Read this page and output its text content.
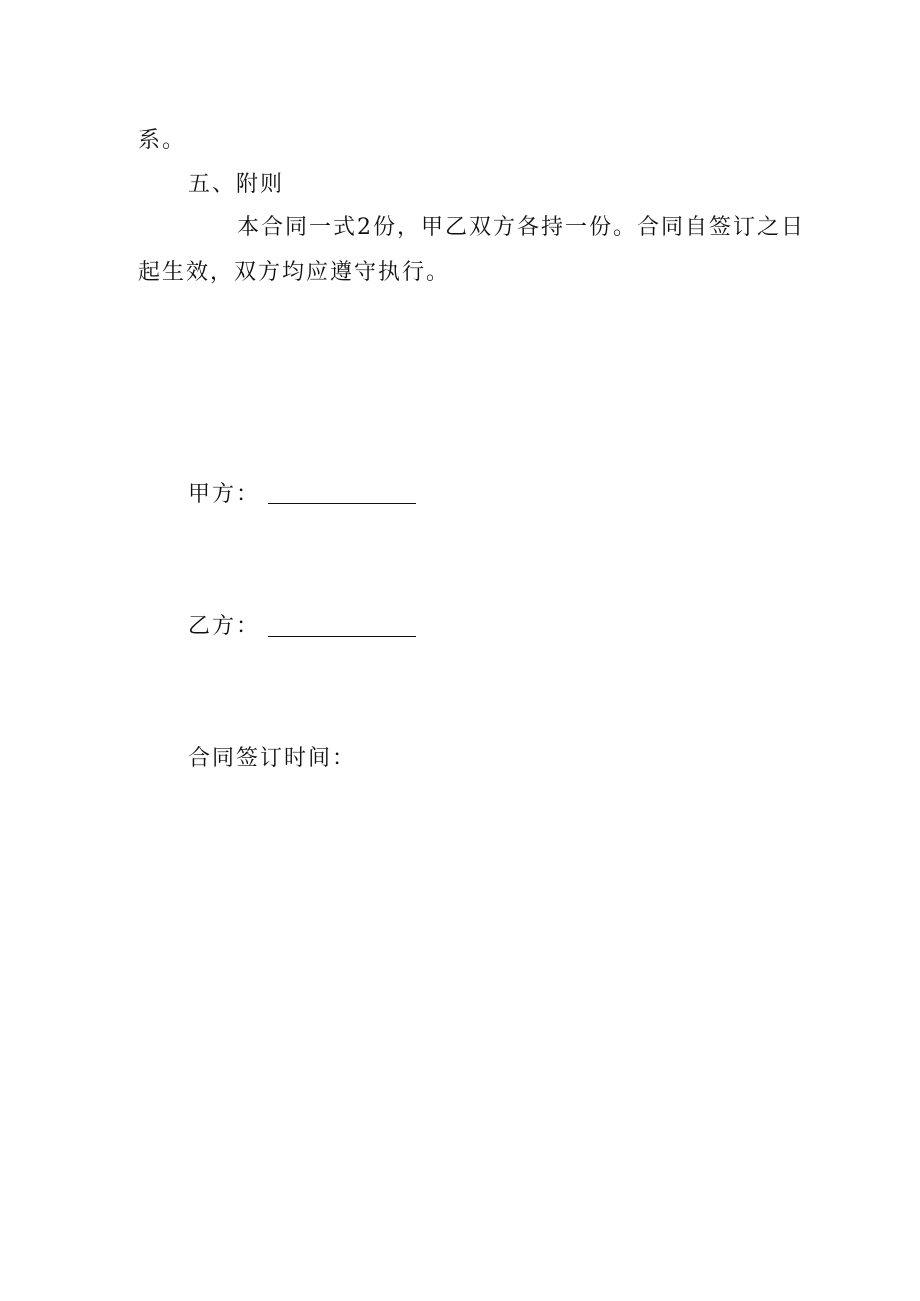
系。
五、附则
本合同一式2份，甲乙双方各持一份。合同自签订之日
起生效，双方均应遵守执行。
甲方：
乙方：
合同签订时间：
